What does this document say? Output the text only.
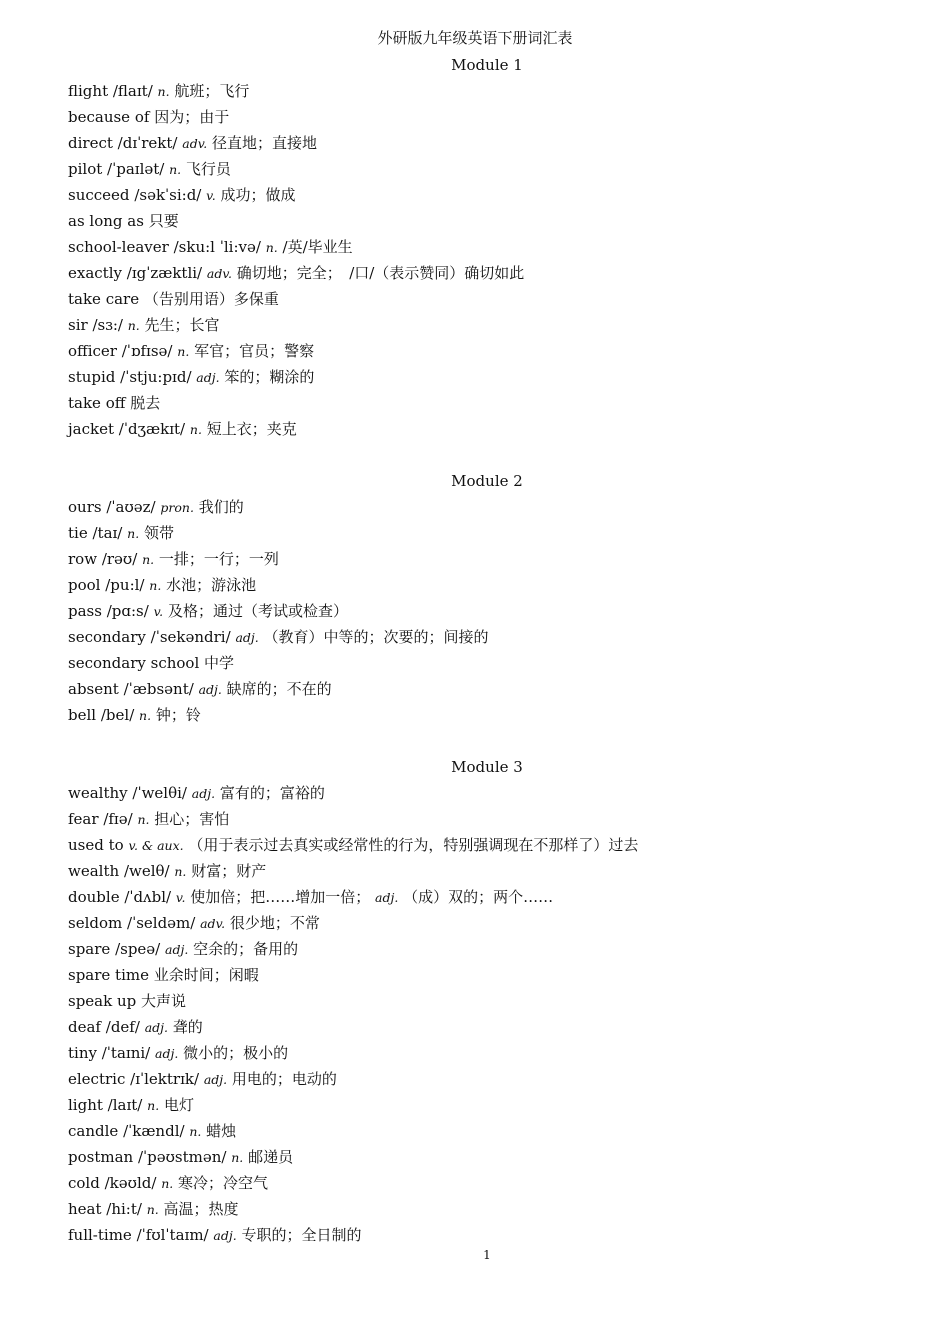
外研版九年级英语下册词汇表
Module 1
flight /flaɪt/ n. 航班；飞行
because of 因为；由于
direct /dɪˈrekt/ adv. 径直地；直接地
pilot /ˈpaɪlət/ n. 飞行员
succeed /səkˈsi:d/ v. 成功；做成
as long as 只要
school-leaver /sku:l ˈli:və/ n. /英/毕业生
exactly /ɪgˈzæktli/ adv. 确切地；完全；　/口/（表示赞同）确切如此
take care （告别用语）多保重
sir /sɜ:/ n. 先生；长官
officer /ˈɒfɪsə/ n. 军官；官员；警察
stupid /ˈstju:pɪd/ adj. 笨的；糊涂的
take off 脱去
jacket /ˈdʒækɪt/ n. 短上衣；夹克
Module 2
ours /ˈaʊəz/ pron. 我们的
tie /taɪ/ n. 领带
row /rəʊ/ n. 一排；一行；一列
pool /pu:l/ n. 水池；游泳池
pass /pɑ:s/ v. 及格；通过（考试或检查）
secondary /ˈsekəndri/ adj. （教育）中等的；次要的；间接的
secondary school 中学
absent /ˈæbsənt/ adj. 缺席的；不在的
bell /bel/ n. 钟；铃
Module 3
wealthy /ˈwelθi/ adj. 富有的；富裕的
fear /fɪə/ n. 担心；害怕
used to v. & aux. （用于表示过去真实或经常性的行为，特别强调现在不那样了）过去
wealth /welθ/ n. 财富；财产
double /ˈdʌbl/ v. 使加倍；把……增加一倍； adj. （成）双的；两个……
seldom /ˈseldəm/ adv. 很少地；不常
spare /speə/ adj. 空余的；备用的
spare time 业余时间；闲暇
speak up 大声说
deaf /def/ adj. 聋的
tiny /ˈtaɪni/ adj. 微小的；极小的
electric /ɪˈlektrɪk/ adj. 用电的；电动的
light /laɪt/ n. 电灯
candle /ˈkændl/ n. 蜡烛
postman /ˈpəʊstmən/ n. 邮递员
cold /kəʊld/ n. 寒冷；冷空气
heat /hi:t/ n. 高温；热度
full-time /ˈfʊlˈtaɪm/ adj. 专职的；全日制的
1
